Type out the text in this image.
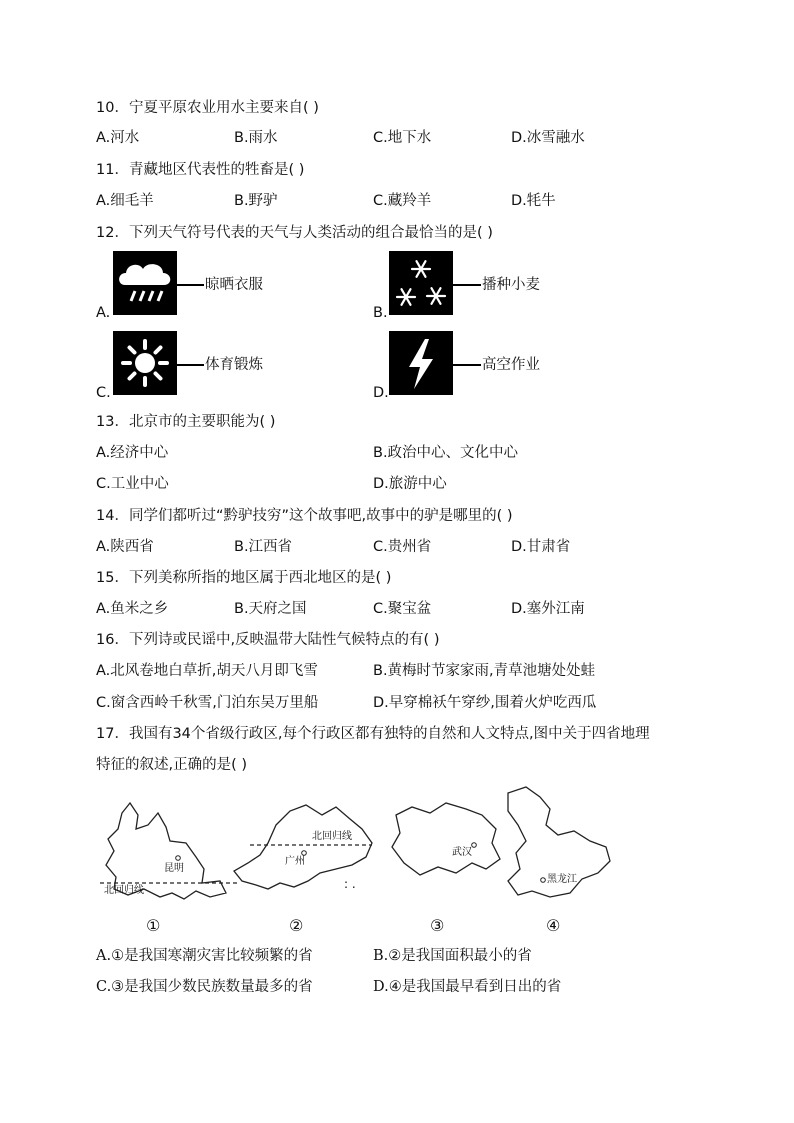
10．宁夏平原农业用水主要来自( )
A.河水	B.雨水	C.地下水	D.冰雪融水
11．青藏地区代表性的牲畜是( )
A.细毛羊	B.野驴	C.藏羚羊	D.牦牛
12．下列天气符号代表的天气与人类活动的组合最恰当的是( )
A.
晾晒衣服
B.
播种小麦
C.
体育锻炼
D.
高空作业
13．北京市的主要职能为( )
A.经济中心	B.政治中心、文化中心
C.工业中心	D.旅游中心
14．同学们都听过“黔驴技穷”这个故事吧,故事中的驴是哪里的( )
A.陕西省	B.江西省	C.贵州省	D.甘肃省
15．下列美称所指的地区属于西北地区的是( )
A.鱼米之乡	B.天府之国	C.聚宝盆	D.塞外江南
16．下列诗或民谣中,反映温带大陆性气候特点的有( )
A.北风卷地白草折,胡天八月即飞雪	B.黄梅时节家家雨,青草池塘处处蛙
C.窗含西岭千秋雪,门泊东吴万里船	D.早穿棉袄午穿纱,围着火炉吃西瓜
17．我国有34个省级行政区,每个行政区都有独特的自然和人文特点,图中关于四省地理
特征的叙述,正确的是( )
昆明
北回归线
北回归线
广州
武汉
黑龙江
: .
①	②	③	④
A.①是我国寒潮灾害比较频繁的省	B.②是我国面积最小的省
C.③是我国少数民族数量最多的省	D.④是我国最早看到日出的省
